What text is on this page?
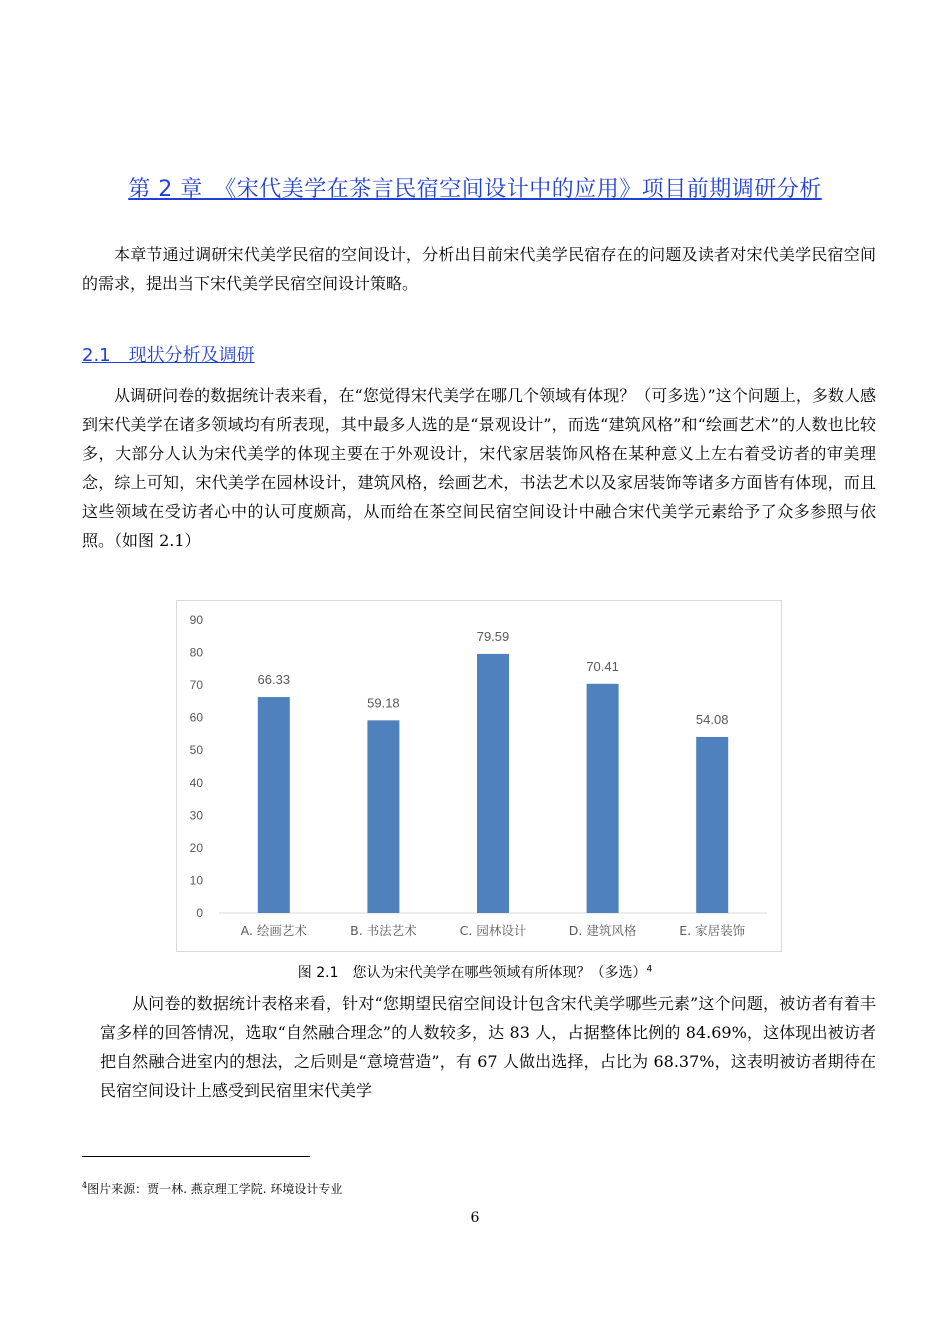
第 2 章　《宋代美学在茶言民宿空间设计中的应用》项目前期调研分析

本章节通过调研宋代美学民宿的空间设计，分析出目前宋代美学民宿存在的问题及读者对宋代美学民宿空间的需求，提出当下宋代美学民宿空间设计策略。

2.1　现状分析及调研

从调研问卷的数据统计表来看，在“您觉得宋代美学在哪几个领域有体现？（可多选）”这个问题上，多数人感到宋代美学在诸多领域均有所表现，其中最多人选的是“景观设计”，而选“建筑风格”和“绘画艺术”的人数也比较多，大部分人认为宋代美学的体现主要在于外观设计，宋代家居装饰风格在某种意义上左右着受访者的审美理念，综上可知，宋代美学在园林设计，建筑风格，绘画艺术，书法艺术以及家居装饰等诸多方面皆有体现，而且这些领域在受访者心中的认可度颇高，从而给在茶空间民宿空间设计中融合宋代美学元素给予了众多参照与依照。（如图 2.1）

0
10
20
30
40
50
60
70
80
90
66.33
A. 绘画艺术
59.18
B. 书法艺术
79.59
C. 园林设计
70.41
D. 建筑风格
54.08
E. 家居装饰

图 2.1　您认为宋代美学在哪些领域有所体现？（多选）$^4$

从问卷的数据统计表格来看，针对“您期望民宿空间设计包含宋代美学哪些元素”这个问题，被访者有着丰富多样的回答情况，选取“自然融合理念”的人数较多，达 83 人，占据整体比例的 84.69%，这体现出被访者把自然融合进室内的想法，之后则是“意境营造”，有 67 人做出选择，占比为 68.37%，这表明被访者期待在民宿空间设计上感受到民宿里宋代美学

$^4$图片来源：贾一林. 燕京理工学院. 环境设计专业

6
